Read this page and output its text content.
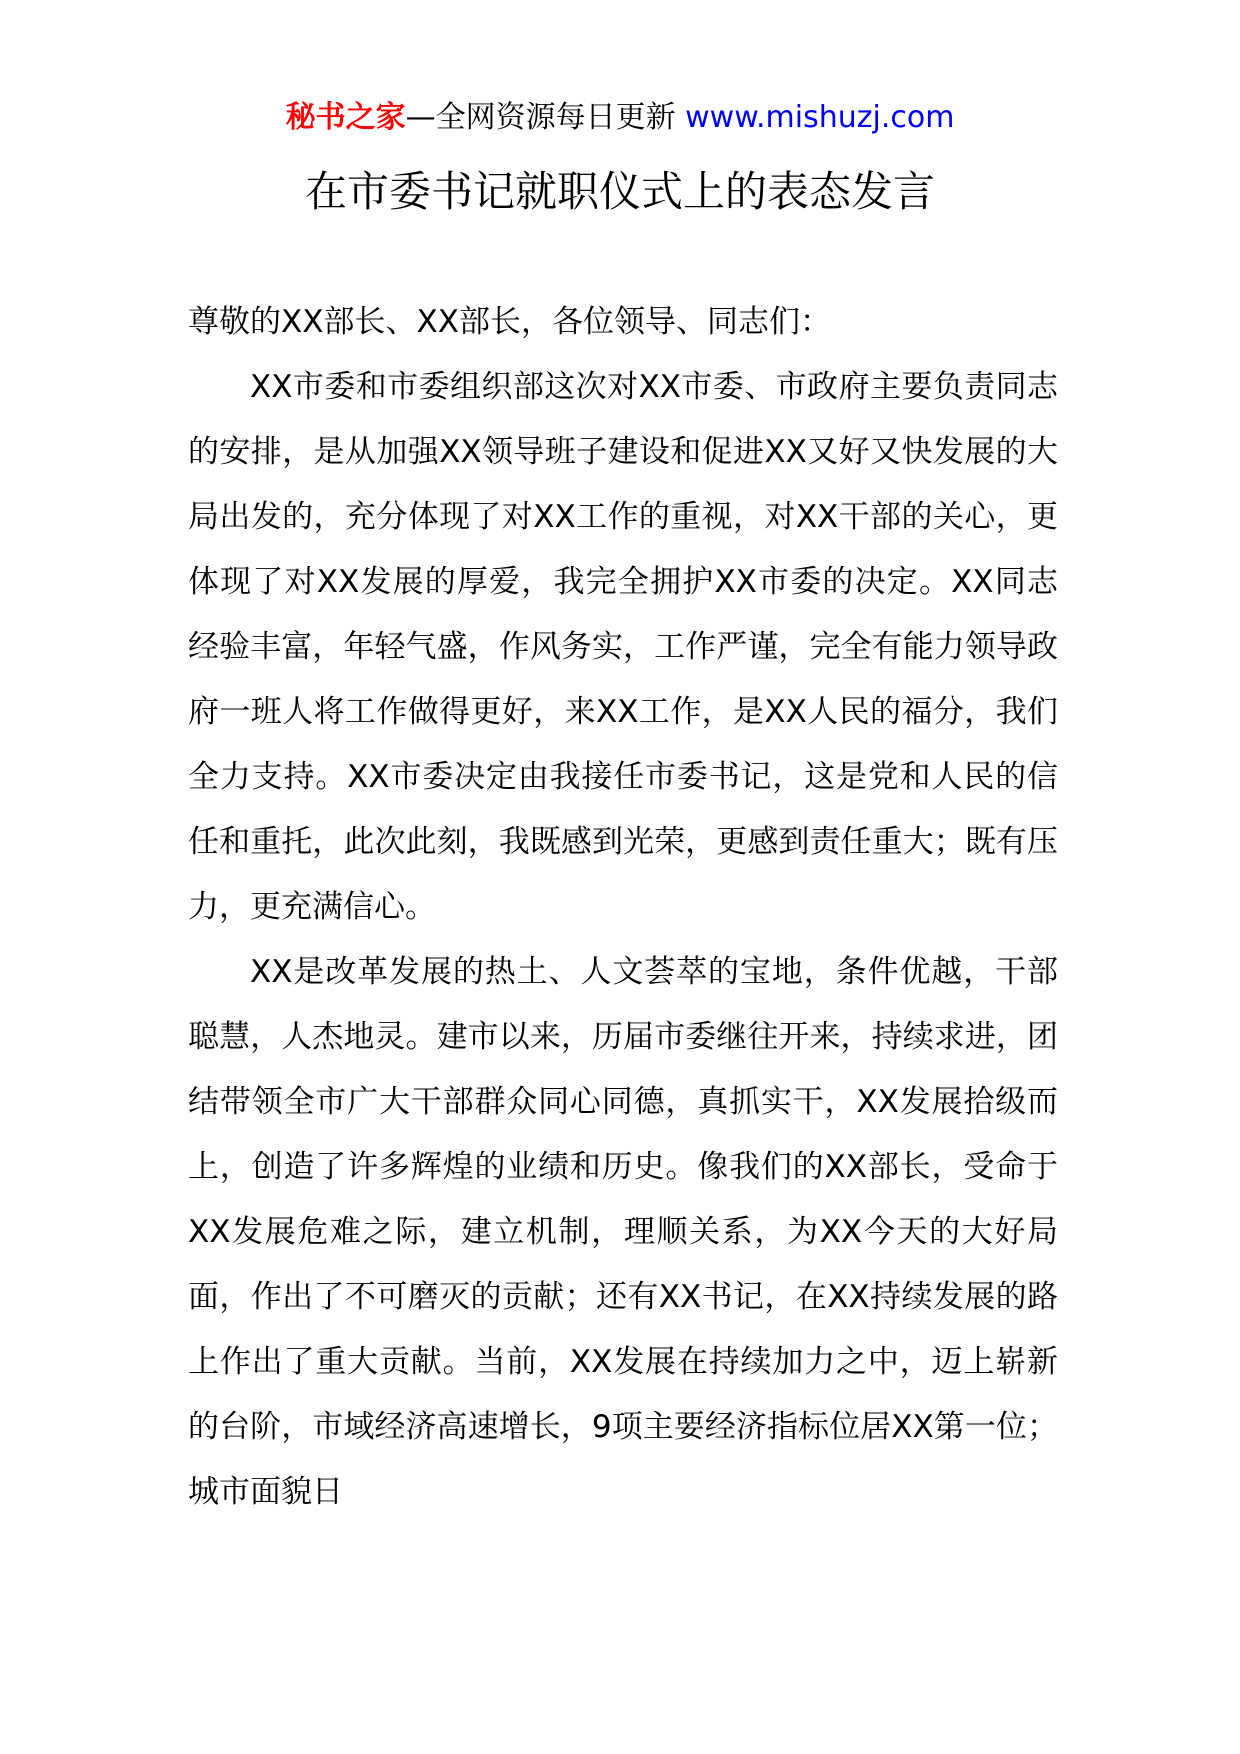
秘书之家—全网资源每日更新 www.mishuzj.com
在市委书记就职仪式上的表态发言

尊敬的XX部长、XX部长，各位领导、同志们：

XX市委和市委组织部这次对XX市委、市政府主要负责同志的安排，是从加强XX领导班子建设和促进XX又好又快发展的大局出发的，充分体现了对XX工作的重视，对XX干部的关心，更体现了对XX发展的厚爱，我完全拥护XX市委的决定。XX同志经验丰富，年轻气盛，作风务实，工作严谨，完全有能力领导政府一班人将工作做得更好，来XX工作，是XX人民的福分，我们全力支持。XX市委决定由我接任市委书记，这是党和人民的信任和重托，此次此刻，我既感到光荣，更感到责任重大；既有压力，更充满信心。

XX是改革发展的热土、人文荟萃的宝地，条件优越，干部聪慧，人杰地灵。建市以来，历届市委继往开来，持续求进，团结带领全市广大干部群众同心同德，真抓实干，XX发展拾级而上，创造了许多辉煌的业绩和历史。像我们的XX部长，受命于XX发展危难之际，建立机制，理顺关系，为XX今天的大好局面，作出了不可磨灭的贡献；还有XX书记，在XX持续发展的路上作出了重大贡献。当前，XX发展在持续加力之中，迈上崭新的台阶，市域经济高速增长，9项主要经济指标位居XX第一位；城市面貌日
